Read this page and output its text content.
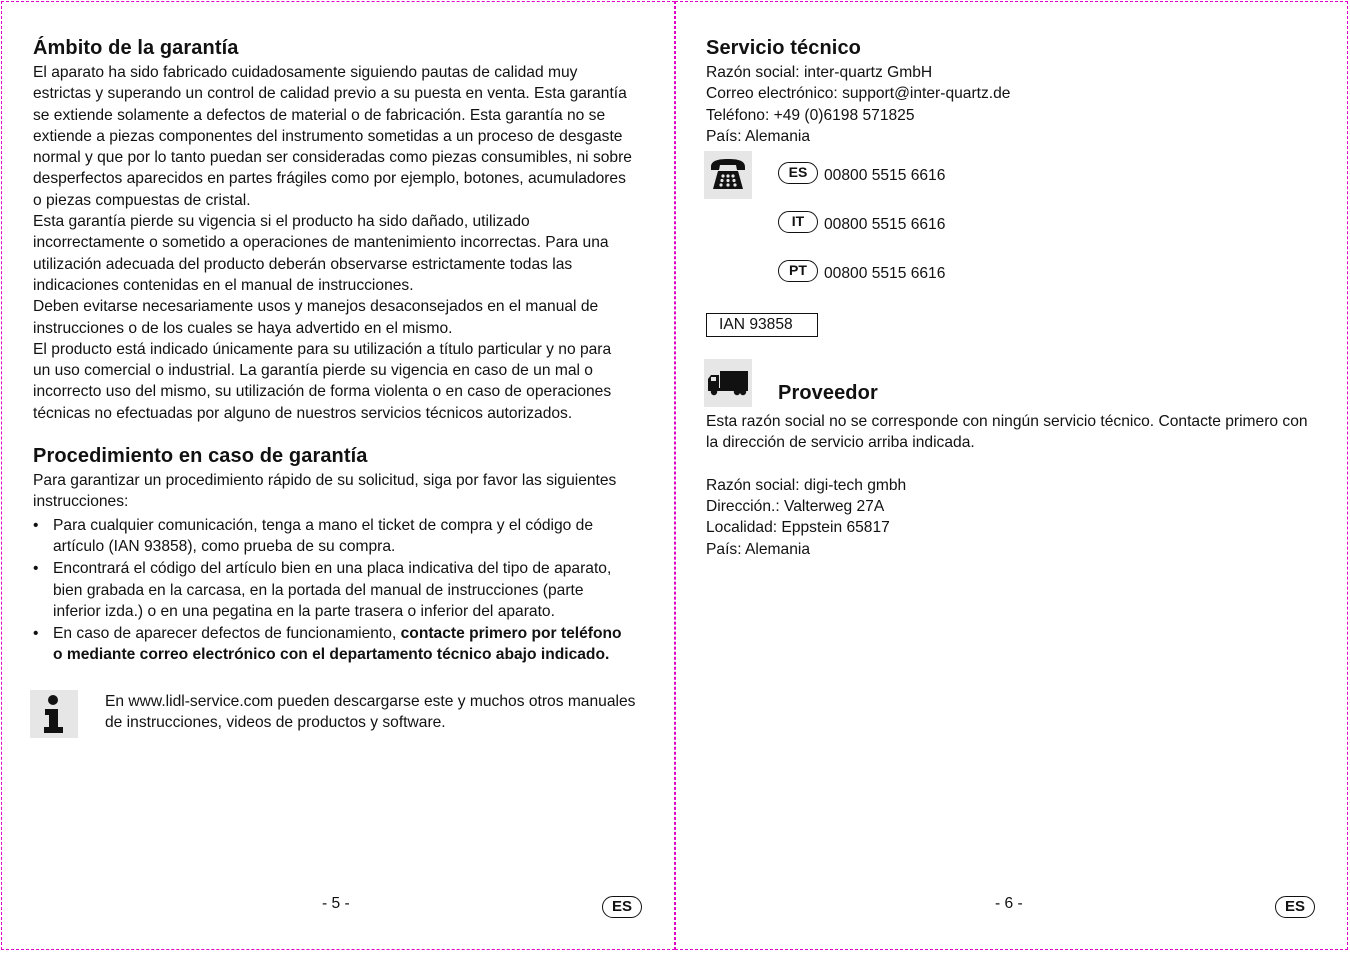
Ámbito de la garantía

El aparato ha sido fabricado cuidadosamente siguiendo pautas de calidad muy

estrictas y superando un control de calidad previo a su puesta en venta. Esta garantía

se extiende solamente a defectos de material o de fabricación. Esta garantía no se

extiende a piezas componentes del instrumento sometidas a un proceso de desgaste

normal y que por lo tanto puedan ser consideradas como piezas consumibles, ni sobre

desperfectos aparecidos en partes frágiles como por ejemplo, botones, acumuladores

o piezas compuestas de cristal.

Esta garantía pierde su vigencia si el producto ha sido dañado, utilizado

incorrectamente o sometido a operaciones de mantenimiento incorrectas. Para una

utilización adecuada del producto deberán observarse estrictamente todas las

indicaciones contenidas en el manual de instrucciones.

Deben evitarse necesariamente usos y manejos desaconsejados en el manual de

instrucciones o de los cuales se haya advertido en el mismo.

El producto está indicado únicamente para su utilización a título particular y no para

un uso comercial o industrial. La garantía pierde su vigencia en caso de un mal o

incorrecto uso del mismo, su utilización de forma violenta o en caso de operaciones

técnicas no efectuadas por alguno de nuestros servicios técnicos autorizados.

Procedimiento en caso de garantía

Para garantizar un procedimiento rápido de su solicitud, siga por favor las siguientes

instrucciones:

• Para cualquier comunicación, tenga a mano el ticket de compra y el código de
artículo (IAN 93858), como prueba de su compra.
• Encontrará el código del artículo bien en una placa indicativa del tipo de aparato,
bien grabada en la carcasa, en la portada del manual de instrucciones (parte
inferior izda.) o en una pegatina en la parte trasera o inferior del aparato.
• En caso de aparecer defectos de funcionamiento, contacte primero por teléfono
o mediante correo electrónico con el departamento técnico abajo indicado.

En www.lidl-service.com pueden descargarse este y muchos otros manuales

de instrucciones, videos de productos y software.

- 5 -	ES
Servicio técnico

Razón social: inter-quartz GmbH

Correo electrónico: support@inter-quartz.de

Teléfono: +49 (0)6198 571825

País: Alemania

ES	00800 5515 6616
IT	00800 5515 6616
PT	00800 5515 6616
IAN 93858
Proveedor

Esta razón social no se corresponde con ningún servicio técnico. Contacte primero con

la dirección de servicio arriba indicada.

Razón social: digi-tech gmbh

Dirección.: Valterweg 27A

Localidad: Eppstein 65817

País: Alemania

- 6 -	ES
